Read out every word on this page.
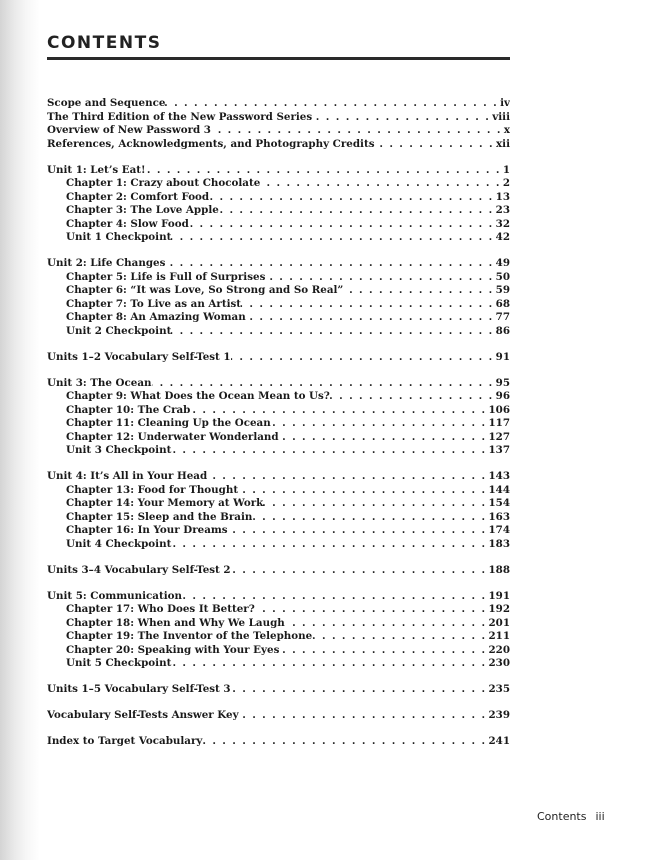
CONTENTS
Scope and Sequence . . .	iv
The Third Edition of the New Password Series . . .	viii
Overview of New Password 3 . . .	x
References, Acknowledgments, and Photography Credits . . .	xii
Unit 1: Let’s Eat! . . .	1
Chapter 1: Crazy about Chocolate . . .	2
Chapter 2: Comfort Food . . .	13
Chapter 3: The Love Apple . . .	23
Chapter 4: Slow Food . . .	32
Unit 1 Checkpoint . . .	42
Unit 2: Life Changes . . .	49
Chapter 5: Life is Full of Surprises . . .	50
Chapter 6: “It was Love, So Strong and So Real” . . .	59
Chapter 7: To Live as an Artist . . .	68
Chapter 8: An Amazing Woman . . .	77
Unit 2 Checkpoint . . .	86
Units 1–2 Vocabulary Self-Test 1 . . .	91
Unit 3: The Ocean . . .	95
Chapter 9: What Does the Ocean Mean to Us? . . .	96
Chapter 10: The Crab . . .	106
Chapter 11: Cleaning Up the Ocean . . .	117
Chapter 12: Underwater Wonderland . . .	127
Unit 3 Checkpoint . . .	137
Unit 4: It’s All in Your Head . . .	143
Chapter 13: Food for Thought . . .	144
Chapter 14: Your Memory at Work . . .	154
Chapter 15: Sleep and the Brain . . .	163
Chapter 16: In Your Dreams . . .	174
Unit 4 Checkpoint . . .	183
Units 3–4 Vocabulary Self-Test 2 . . .	188
Unit 5: Communication . . .	191
Chapter 17: Who Does It Better? . . .	192
Chapter 18: When and Why We Laugh . . .	201
Chapter 19: The Inventor of the Telephone . . .	211
Chapter 20: Speaking with Your Eyes . . .	220
Unit 5 Checkpoint . . .	230
Units 1–5 Vocabulary Self-Test 3 . . .	235
Vocabulary Self-Tests Answer Key . . .	239
Index to Target Vocabulary . . .	241
Contents iii
